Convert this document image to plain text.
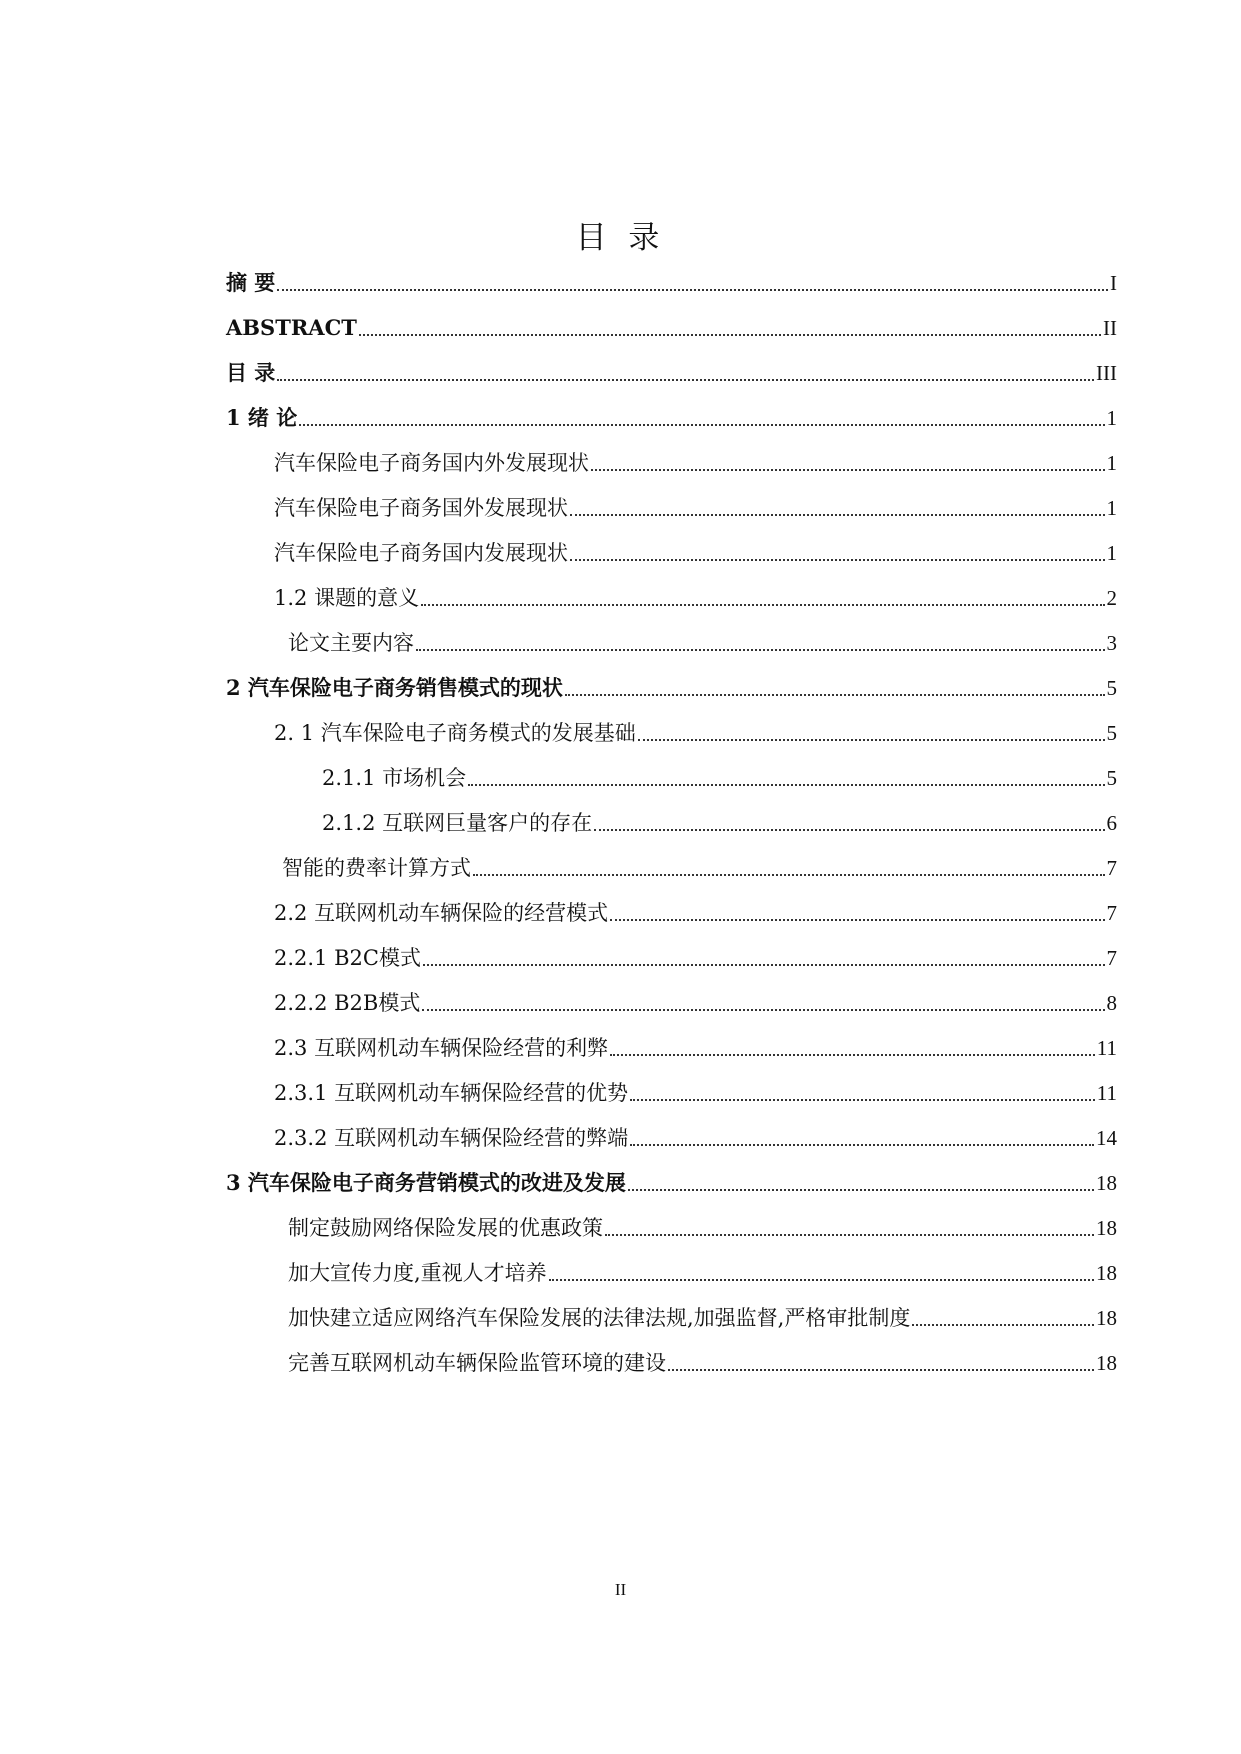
目 录
摘 要	I
ABSTRACT	II
目 录	III
1 绪 论	1
汽车保险电子商务国内外发展现状	1
汽车保险电子商务国外发展现状	1
汽车保险电子商务国内发展现状	1
1.2 课题的意义	2
论文主要内容	3
2 汽车保险电子商务销售模式的现状	5
2. 1 汽车保险电子商务模式的发展基础	5
2.1.1 市场机会	5
2.1.2 互联网巨量客户的存在	6
智能的费率计算方式	7
2.2 互联网机动车辆保险的经营模式	7
2.2.1 B2C模式	7
2.2.2 B2B模式	8
2.3 互联网机动车辆保险经营的利弊	11
2.3.1 互联网机动车辆保险经营的优势	11
2.3.2 互联网机动车辆保险经营的弊端	14
3 汽车保险电子商务营销模式的改进及发展	18
制定鼓励网络保险发展的优惠政策	18
加大宣传力度,重视人才培养	18
加快建立适应网络汽车保险发展的法律法规,加强监督,严格审批制度	18
完善互联网机动车辆保险监管环境的建设	18
II
